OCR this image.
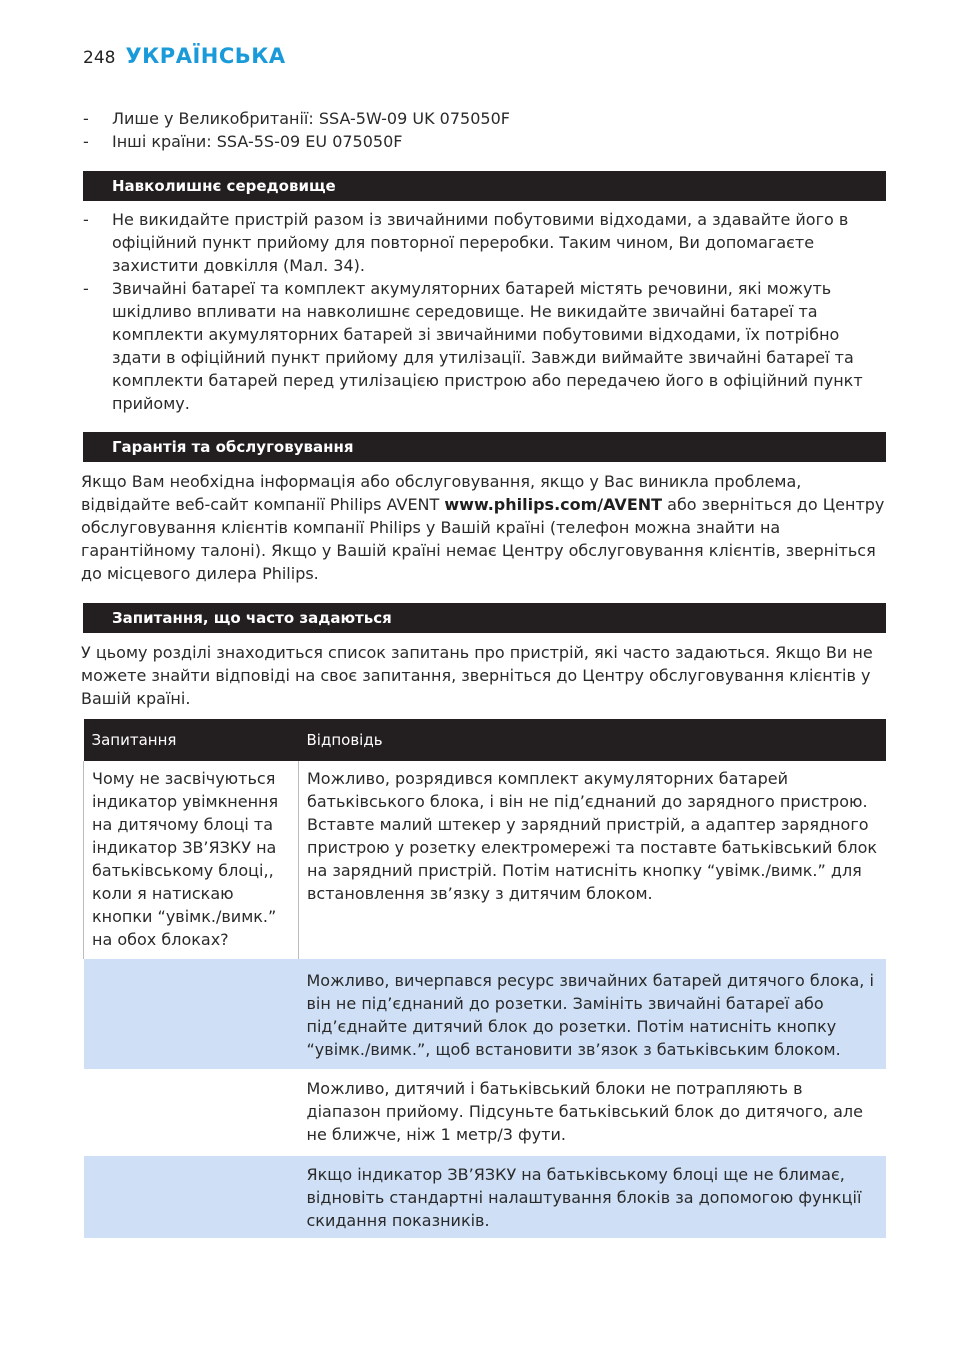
248 УКРАЇНСЬКА
- Лише у Великобританії: SSA-5W-09 UK 075050F
- Інші країни: SSA-5S-09 EU 075050F
Навколишнє середовище
- Не викидайте пристрій разом із звичайними побутовими відходами, а здавайте його в офіційний пункт прийому для повторної переробки. Таким чином, Ви допомагаєте захистити довкілля (Мал. 34).
- Звичайні батареї та комплект акумуляторних батарей містять речовини, які можуть шкідливо впливати на навколишнє середовище. Не викидайте звичайні батареї та комплекти акумуляторних батарей зі звичайними побутовими відходами, їх потрібно здати в офіційний пункт прийому для утилізації. Завжди виймайте звичайні батареї та комплекти батарей перед утилізацією пристрою або передачею його в офіційний пункт прийому.
Гарантія та обслуговування
Якщо Вам необхідна інформація або обслуговування, якщо у Вас виникла проблема, відвідайте веб-сайт компанії Philips AVENT www.philips.com/AVENT або зверніться до Центру обслуговування клієнтів компанії Philips у Вашій країні (телефон можна знайти на гарантійному талоні). Якщо у Вашій країні немає Центру обслуговування клієнтів, зверніться до місцевого дилера Philips.
Запитання, що часто задаються
У цьому розділі знаходиться список запитань про пристрій, які часто задаються. Якщо Ви не можете знайти відповіді на своє запитання, зверніться до Центру обслуговування клієнтів у Вашій країні.
Запитання	Відповідь
Чому не засвічуються індикатор увімкнення на дитячому блоці та індикатор ЗВ’ЯЗКУ на батьківському блоці,, коли я натискаю кнопки “увімк./вимк.” на обох блоках?	Можливо, розрядився комплект акумуляторних батарей батьківського блока, і він не під’єднаний до зарядного пристрою. Вставте малий штекер у зарядний пристрій, а адаптер зарядного пристрою у розетку електромережі та поставте батьківський блок на зарядний пристрій. Потім натисніть кнопку “увімк./вимк.” для встановлення зв’язку з дитячим блоком.
	Можливо, вичерпався ресурс звичайних батарей дитячого блока, і він не під’єднаний до розетки. Замініть звичайні батареї або під’єднайте дитячий блок до розетки. Потім натисніть кнопку “увімк./вимк.”, щоб встановити зв’язок з батьківським блоком.
	Можливо, дитячий і батьківський блоки не потрапляють в діапазон прийому. Підсуньте батьківський блок до дитячого, але не ближче, ніж 1 метр/3 фути.
	Якщо індикатор ЗВ’ЯЗКУ на батьківському блоці ще не блимає, відновіть стандартні налаштування блоків за допомогою функції скидання показників.
